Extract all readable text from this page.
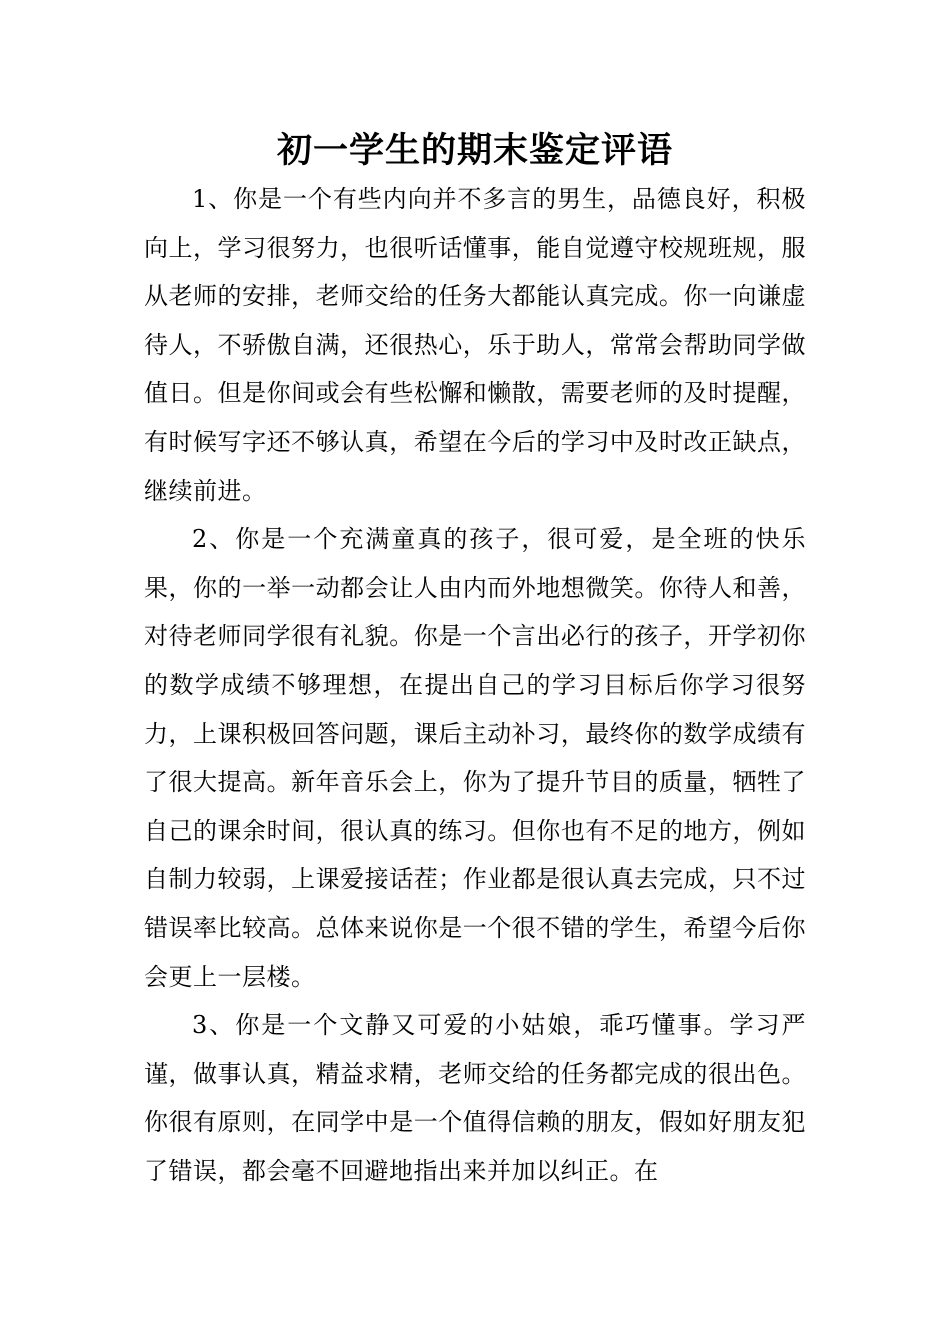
初一学生的期末鉴定评语

1、你是一个有些内向并不多言的男生，品德良好，积极向上，学习很努力，也很听话懂事，能自觉遵守校规班规，服从老师的安排，老师交给的任务大都能认真完成。你一向谦虚待人，不骄傲自满，还很热心，乐于助人，常常会帮助同学做值日。但是你间或会有些松懈和懒散，需要老师的及时提醒，有时候写字还不够认真，希望在今后的学习中及时改正缺点，继续前进。

2、你是一个充满童真的孩子，很可爱，是全班的快乐果，你的一举一动都会让人由内而外地想微笑。你待人和善，对待老师同学很有礼貌。你是一个言出必行的孩子，开学初你的数学成绩不够理想，在提出自己的学习目标后你学习很努力，上课积极回答问题，课后主动补习，最终你的数学成绩有了很大提高。新年音乐会上，你为了提升节目的质量，牺牲了自己的课余时间，很认真的练习。但你也有不足的地方，例如自制力较弱，上课爱接话茬；作业都是很认真去完成，只不过错误率比较高。总体来说你是一个很不错的学生，希望今后你会更上一层楼。

3、你是一个文静又可爱的小姑娘，乖巧懂事。学习严谨，做事认真，精益求精，老师交给的任务都完成的很出色。你很有原则，在同学中是一个值得信赖的朋友，假如好朋友犯了错误，都会毫不回避地指出来并加以纠正。在
